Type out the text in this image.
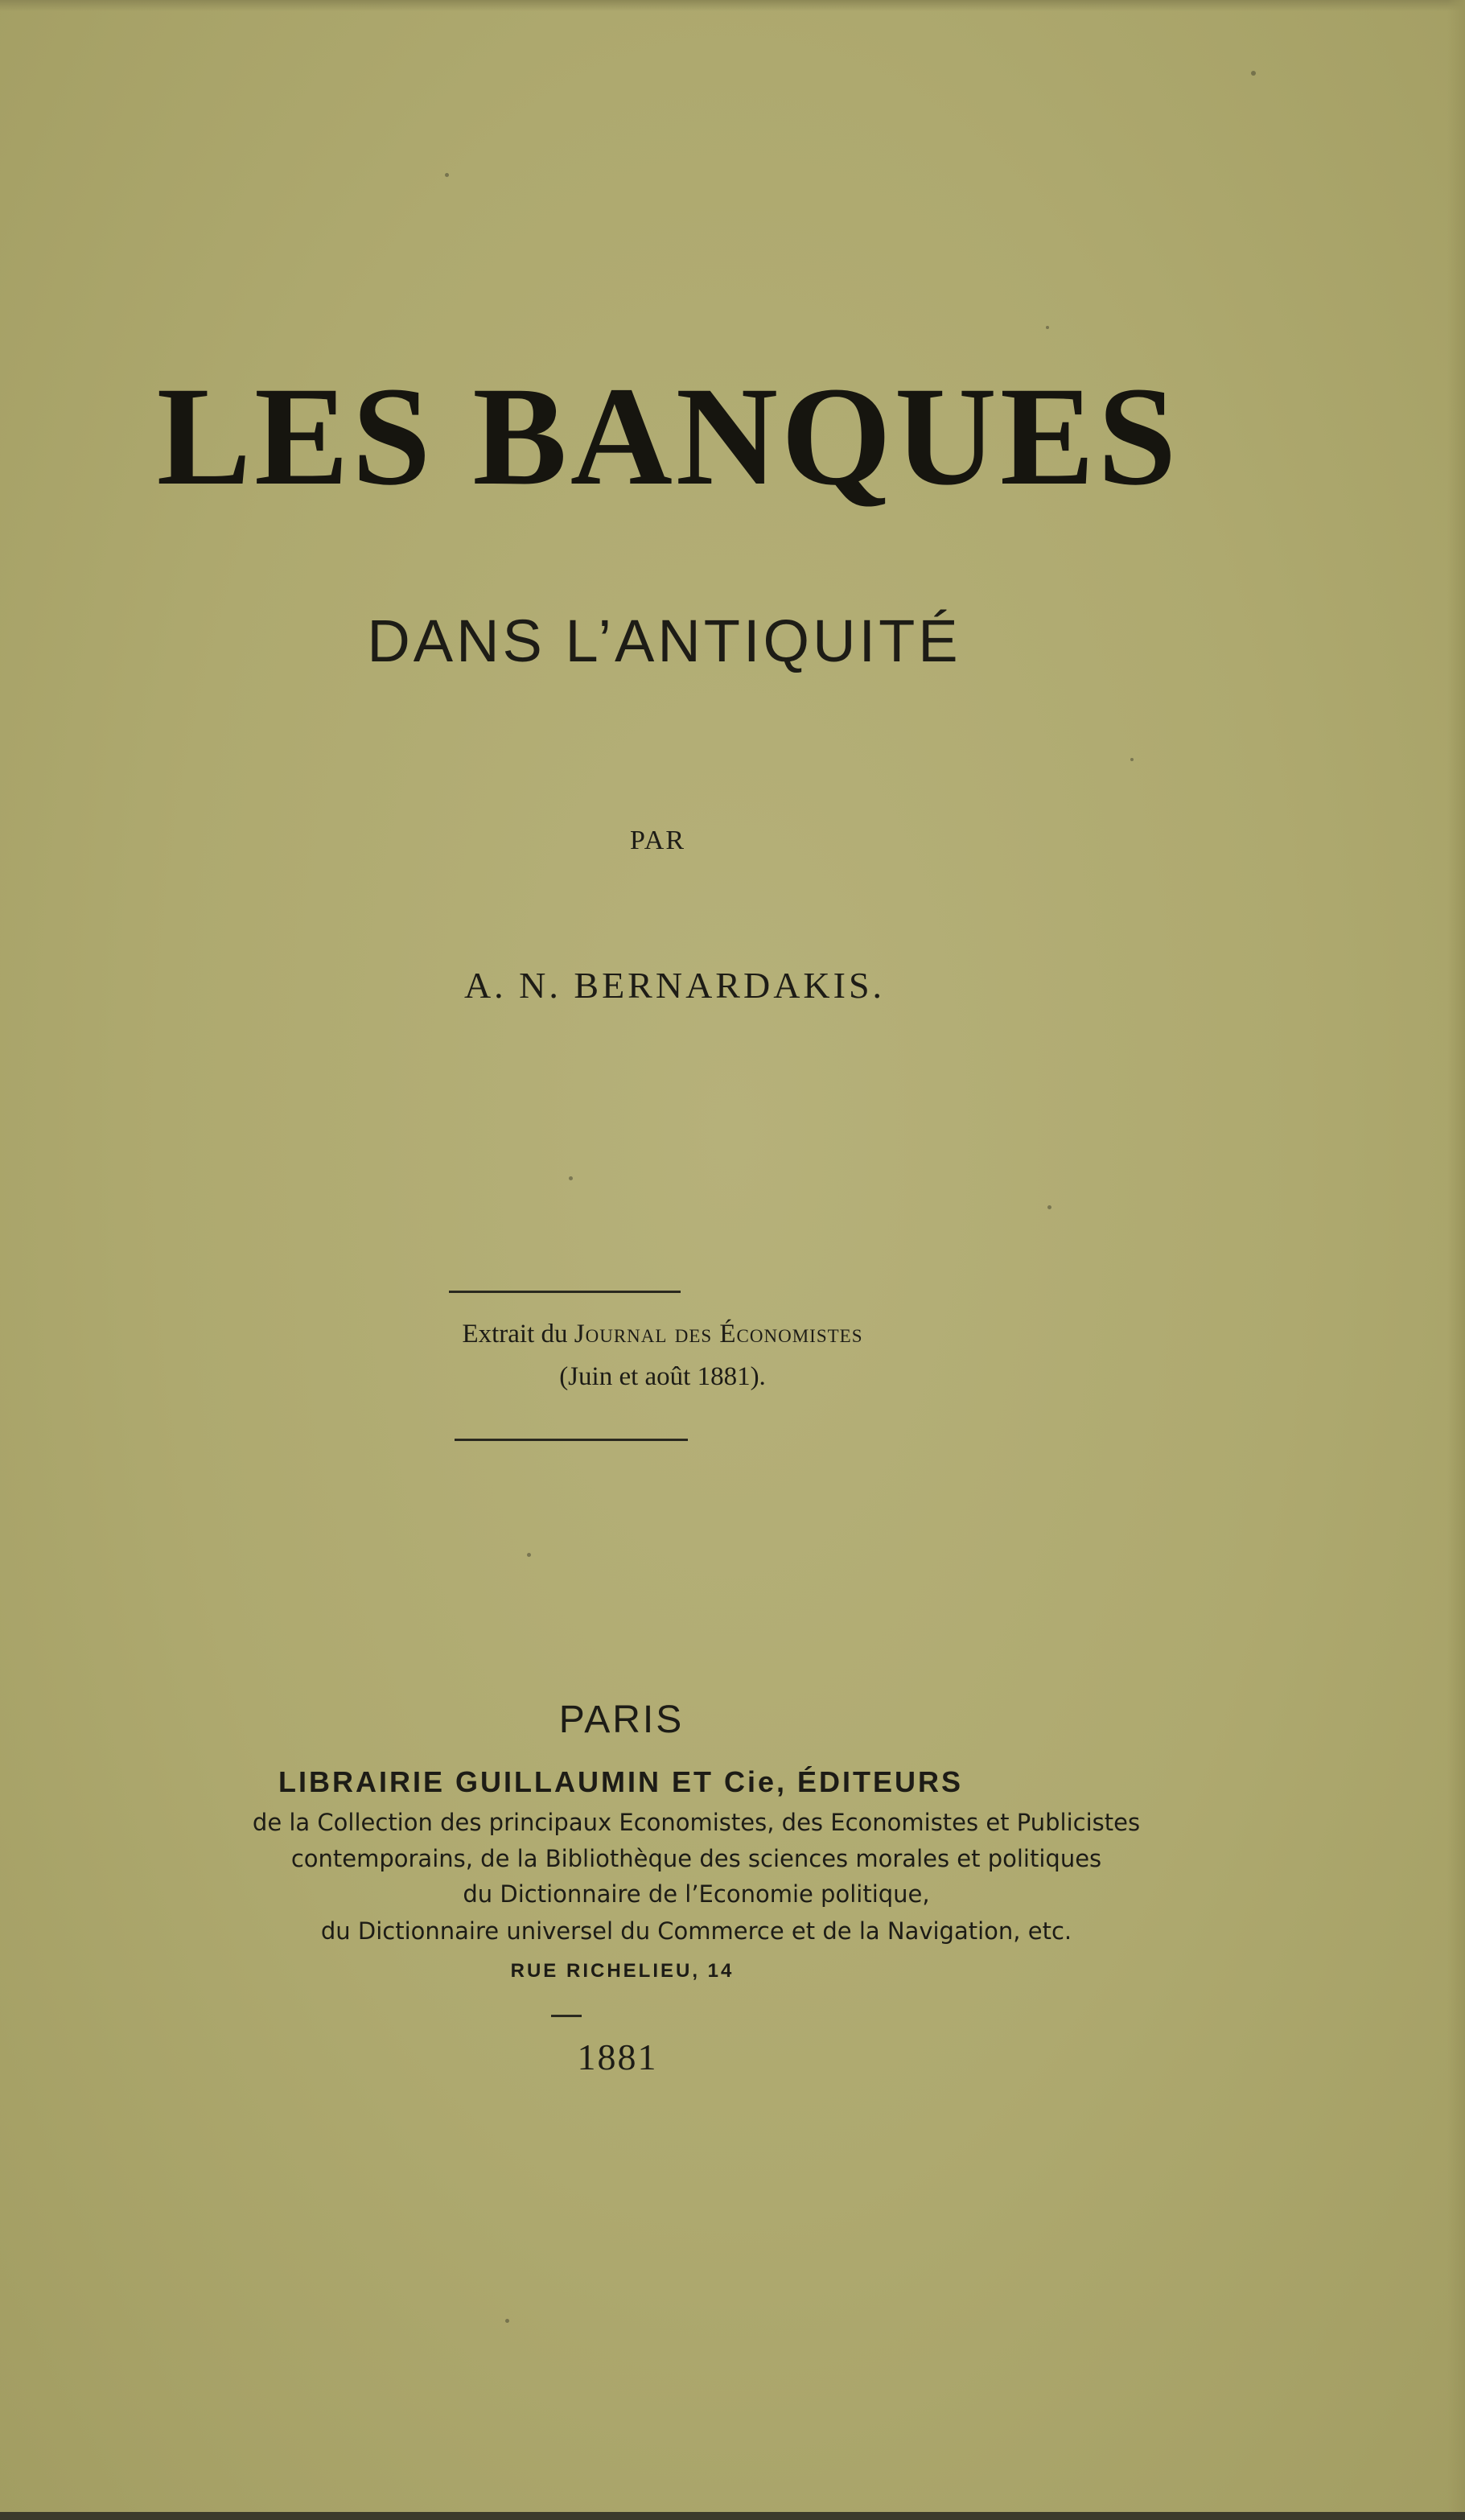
LES BANQUES
DANS L’ANTIQUITÉ
PAR
A. N. BERNARDAKIS.
Extrait du Journal des Économistes
(Juin et août 1881).
PARIS
LIBRAIRIE GUILLAUMIN ET Cie, ÉDITEURS
de la Collection des principaux Economistes, des Economistes et Publicistes
contemporains, de la Bibliothèque des sciences morales et politiques
du Dictionnaire de l’Economie politique,
du Dictionnaire universel du Commerce et de la Navigation, etc.
RUE RICHELIEU, 14
1881
